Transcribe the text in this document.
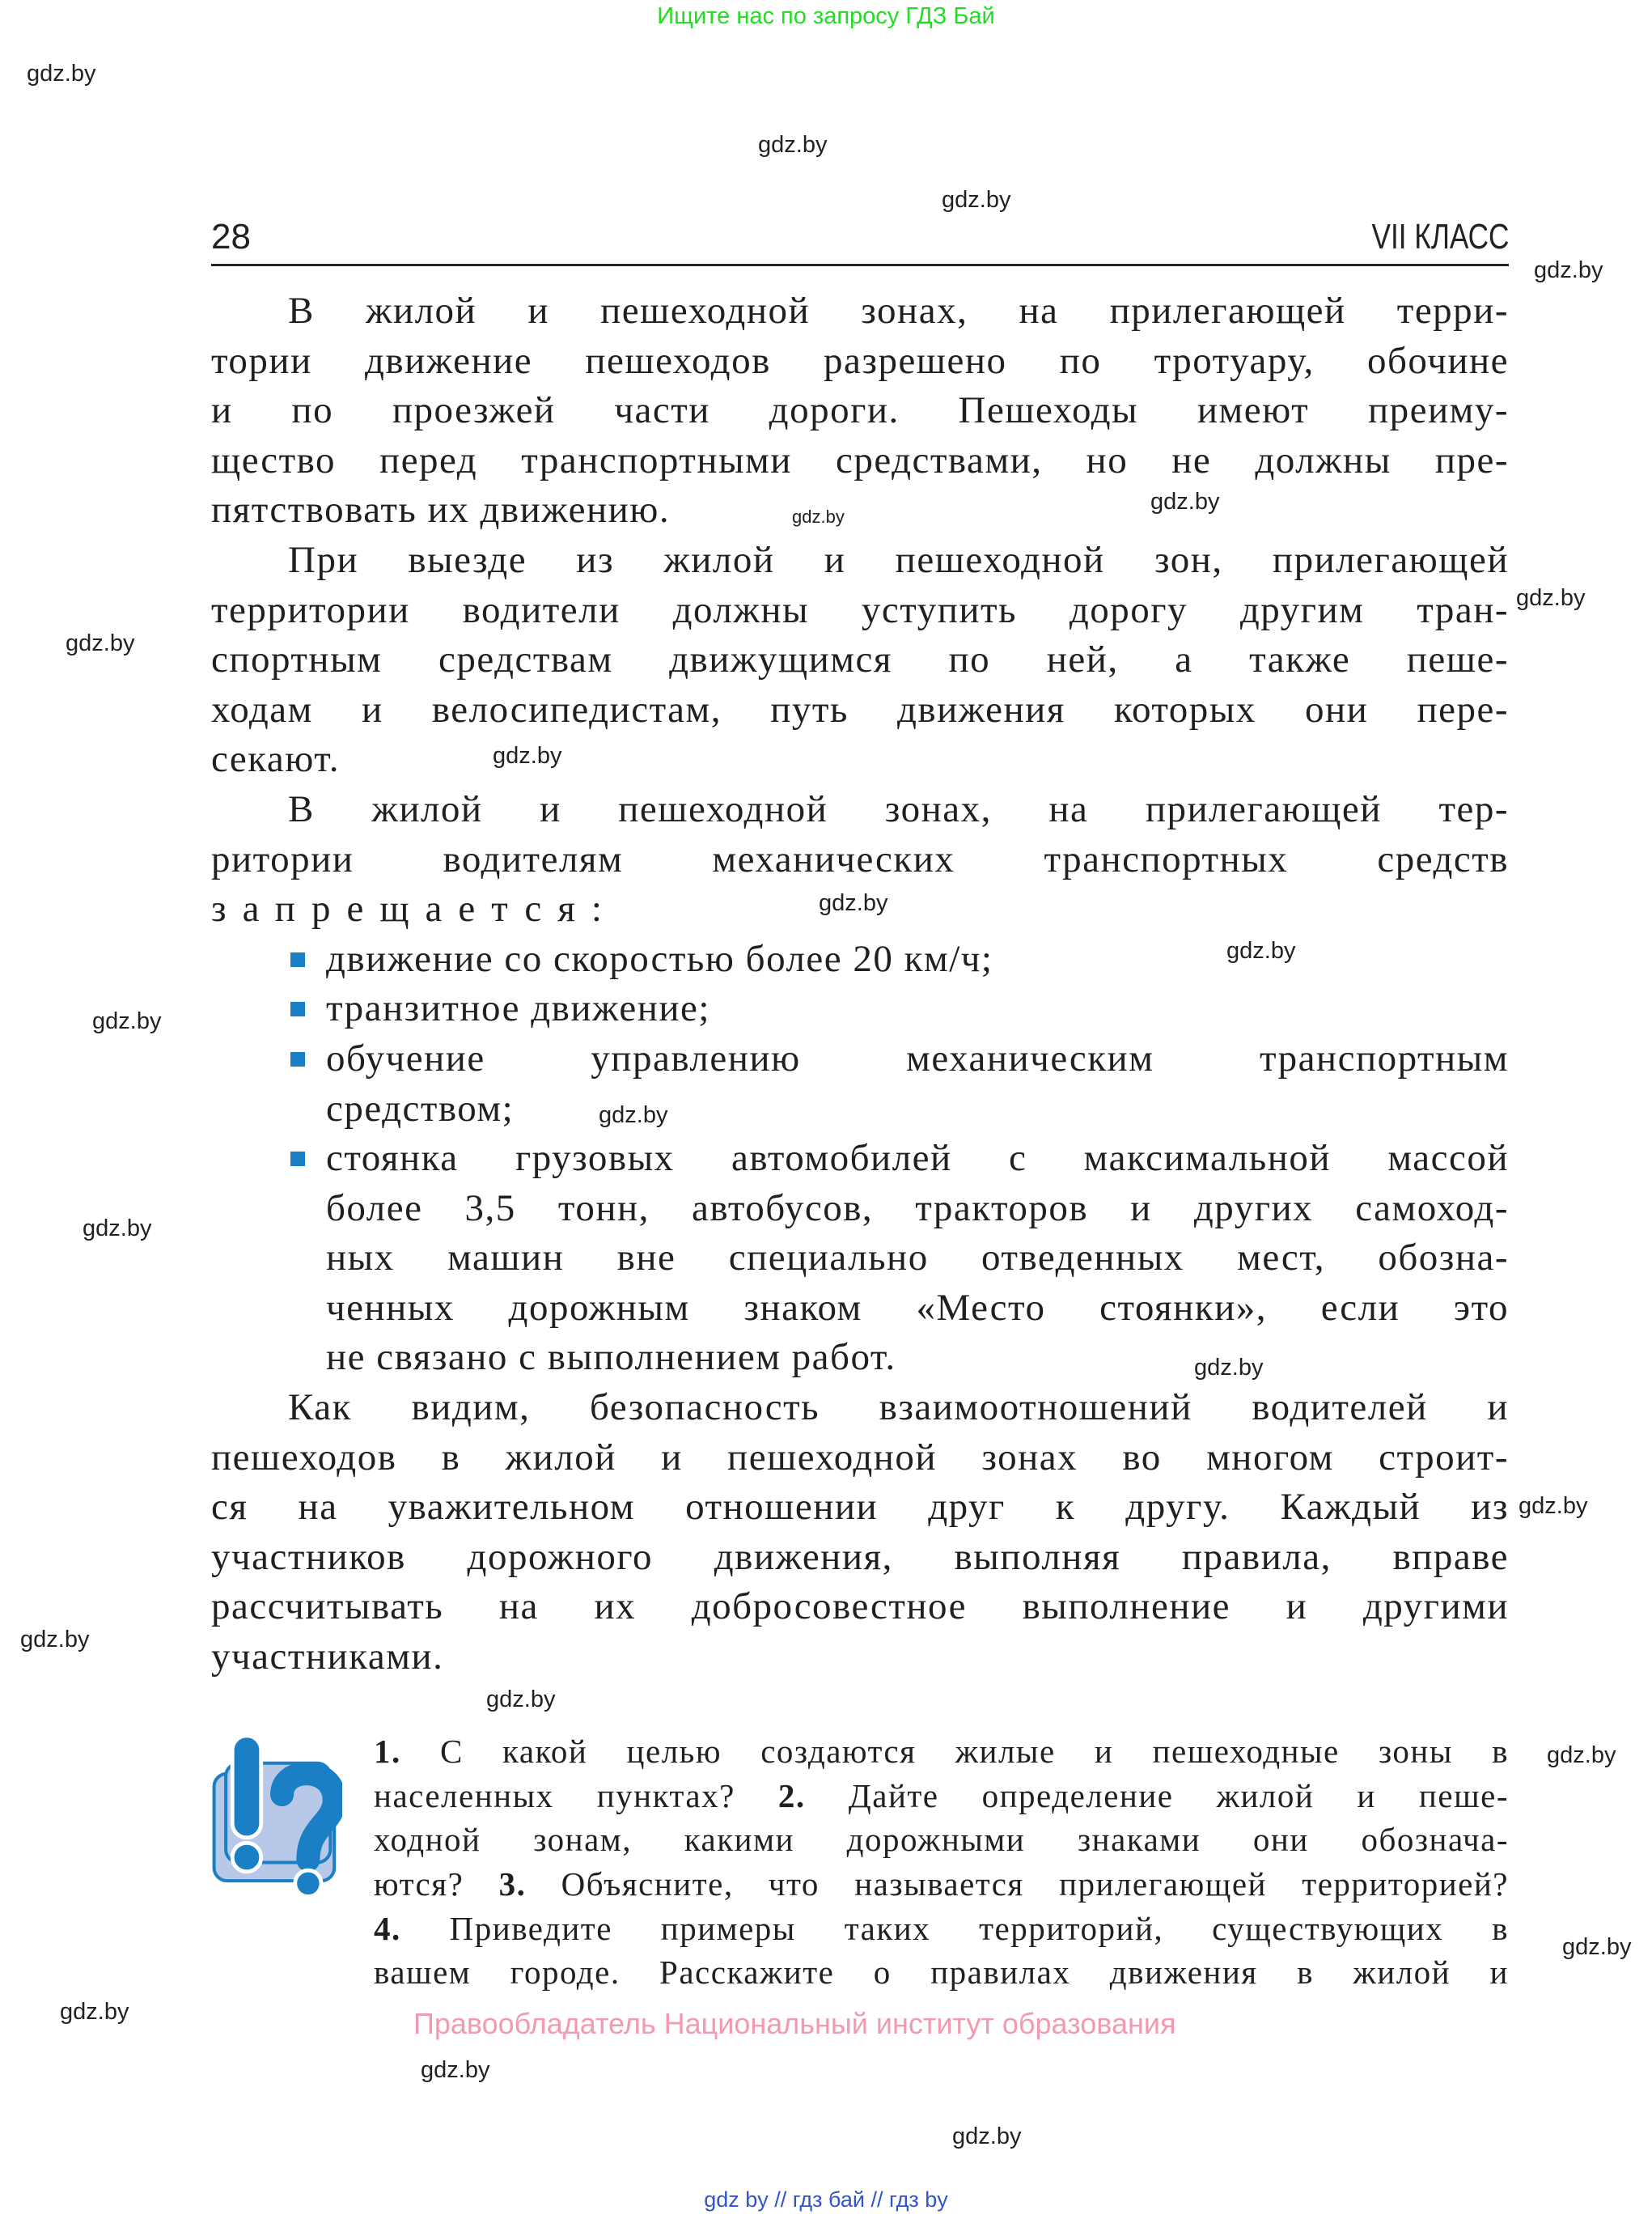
Ищите нас по запросу ГДЗ Бай
28	VII КЛАСС
В жилой и пешеходной зонах, на прилегающей терри-
тории движение пешеходов разрешено по тротуару, обочине
и по проезжей части дороги. Пешеходы имеют преиму-
щество перед транспортными средствами, но не должны пре-
пятствовать их движению.
При выезде из жилой и пешеходной зон, прилегающей
территории водители должны уступить дорогу другим тран-
спортным средствам движущимся по ней, а также пеше-
ходам и велосипедистам, путь движения которых они пере-
секают.
В жилой и пешеходной зонах, на прилегающей тер-
ритории водителям механических транспортных средств
запрещается:
движение со скоростью более 20 км/ч;
транзитное движение;
обучение управлению механическим транспортным
средством;
стоянка грузовых автомобилей с максимальной массой
более 3,5 тонн, автобусов, тракторов и других самоход-
ных машин вне специально отведенных мест, обозна-
ченных дорожным знаком «Место стоянки», если это
не связано с выполнением работ.
Как видим, безопасность взаимоотношений водителей и
пешеходов в жилой и пешеходной зонах во многом строит-
ся на уважительном отношении друг к другу. Каждый из
участников дорожного движения, выполняя правила, вправе
рассчитывать на их добросовестное выполнение и другими
участниками.
1. С какой целью создаются жилые и пешеходные зоны в
населенных пунктах? 2. Дайте определение жилой и пеше-
ходной зонам, какими дорожными знаками они обознача-
ются? 3. Объясните, что называется прилегающей территорией?
4. Приведите примеры таких территорий, существующих в
вашем городе. Расскажите о правилах движения в жилой и
Правообладатель Национальный институт образования
gdz by // гдз бай // гдз by
gdz.by
gdz.by
gdz.by
gdz.by
gdz.by
gdz.by
gdz.by
gdz.by
gdz.by
gdz.by
gdz.by
gdz.by
gdz.by
gdz.by
gdz.by
gdz.by
gdz.by
gdz.by
gdz.by
gdz.by
gdz.by
gdz.by
gdz.by
